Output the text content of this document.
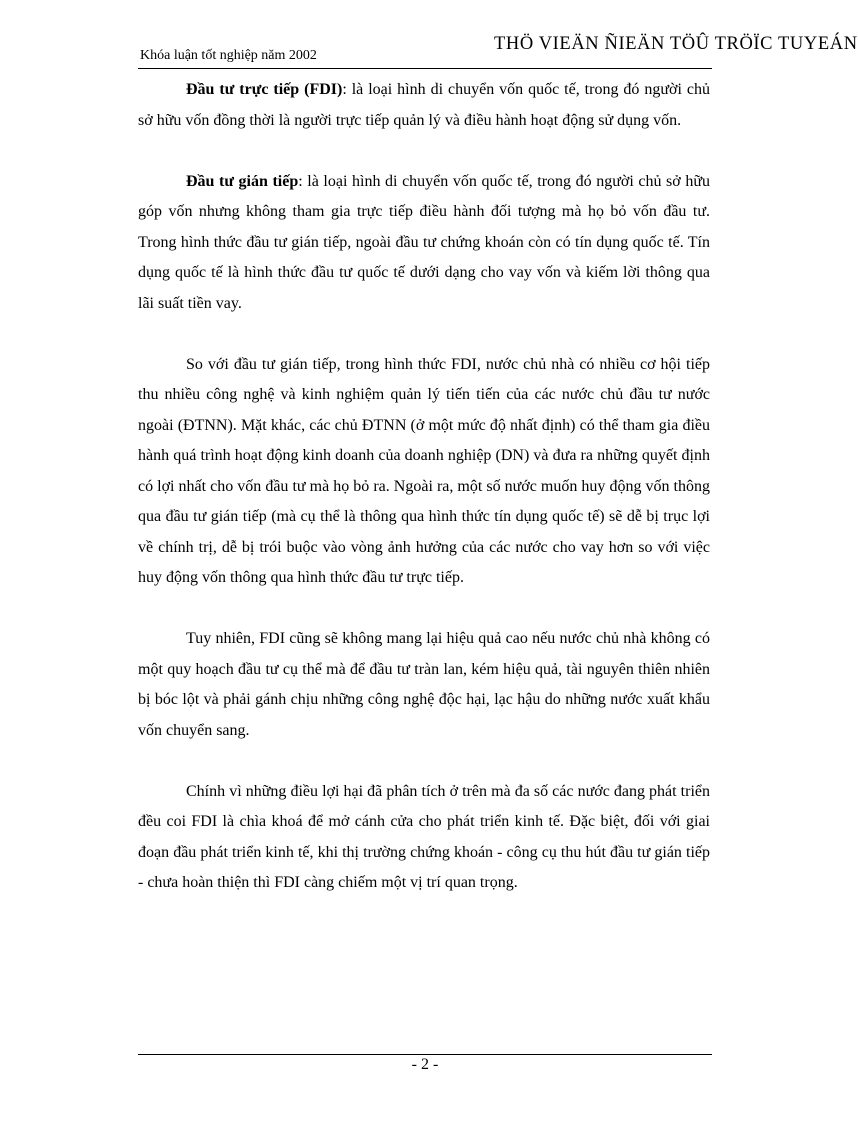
THÖ VIEÄN ÑIEÄN TÖÛ TRÖÏC TUYEÁN
Khóa luận tốt nghiệp năm 2002

Đầu tư trực tiếp (FDI): là loại hình di chuyển vốn quốc tế, trong đó người chủ sở hữu vốn đồng thời là người trực tiếp quản lý và điều hành hoạt động sử dụng vốn.

Đầu tư gián tiếp: là loại hình di chuyển vốn quốc tế, trong đó người chủ sở hữu góp vốn nhưng không tham gia trực tiếp điều hành đối tượng mà họ bỏ vốn đầu tư. Trong hình thức đầu tư gián tiếp, ngoài đầu tư chứng khoán còn có tín dụng quốc tế. Tín dụng quốc tế là hình thức đầu tư quốc tế dưới dạng cho vay vốn và kiếm lời thông qua lãi suất tiền vay.

So với đầu tư gián tiếp, trong hình thức FDI, nước chủ nhà có nhiều cơ hội tiếp thu nhiều công nghệ và kinh nghiệm quản lý tiến tiến của các nước chủ đầu tư nước ngoài (ĐTNN). Mặt khác, các chủ ĐTNN (ở một mức độ nhất định) có thể tham gia điều hành quá trình hoạt động kinh doanh của doanh nghiệp (DN) và đưa ra những quyết định có lợi nhất cho vốn đầu tư mà họ bỏ ra. Ngoài ra, một số nước muốn huy động vốn thông qua đầu tư gián tiếp (mà cụ thể là thông qua hình thức tín dụng quốc tế) sẽ dễ bị trục lợi về chính trị, dễ bị trói buộc vào vòng ảnh hưởng của các nước cho vay hơn so với việc huy động vốn thông qua hình thức đầu tư trực tiếp.

Tuy nhiên, FDI cũng sẽ không mang lại hiệu quả cao nếu nước chủ nhà không có một quy hoạch đầu tư cụ thể mà để đầu tư tràn lan, kém hiệu quả, tài nguyên thiên nhiên bị bóc lột và phải gánh chịu những công nghệ độc hại, lạc hậu do những nước xuất khẩu vốn chuyển sang.

Chính vì những điều lợi hại đã phân tích ở trên mà đa số các nước đang phát triển đều coi FDI là chìa khoá để mở cánh cửa cho phát triển kinh tế. Đặc biệt, đối với giai đoạn đầu phát triển kinh tế, khi thị trường chứng khoán - công cụ thu hút đầu tư gián tiếp - chưa hoàn thiện thì FDI càng chiếm một vị trí quan trọng.

- 2 -
